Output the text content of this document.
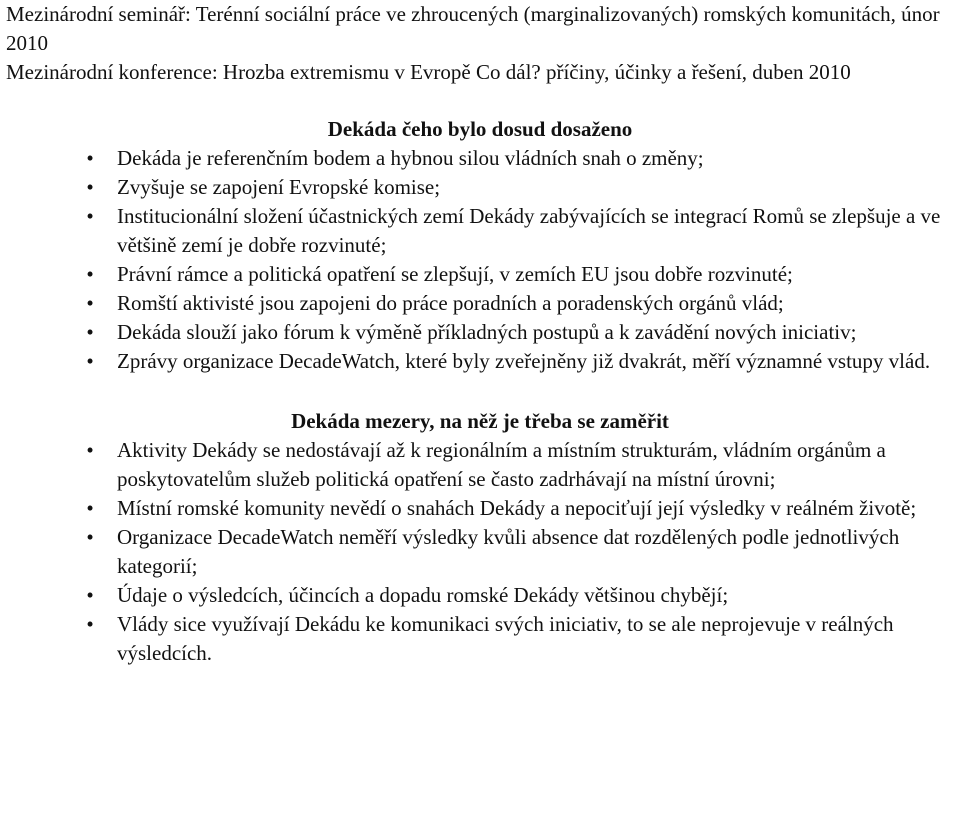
Mezinárodní seminář: Terénní sociální práce ve zhroucených (marginalizovaných) romských komunitách, únor 2010

Mezinárodní konference: Hrozba extremismu v Evropě Co dál? příčiny, účinky a řešení, duben 2010

Dekáda čeho bylo dosud dosaženo
•	Dekáda je referenčním bodem a hybnou silou vládních snah o změny;
•	Zvyšuje se zapojení Evropské komise;
•	Institucionální složení účastnických zemí Dekády zabývajících se integrací Romů se zlepšuje a ve většině zemí je dobře rozvinuté;
•	Právní rámce a politická opatření se zlepšují, v zemích EU jsou dobře rozvinuté;
•	Romští aktivisté jsou zapojeni do práce poradních a poradenských orgánů vlád;
•	Dekáda slouží jako fórum k výměně příkladných postupů a k zavádění nových iniciativ;
•	Zprávy organizace DecadeWatch, které byly zveřejněny již dvakrát, měří významné vstupy vlád.
Dekáda mezery, na něž je třeba se zaměřit
•	Aktivity Dekády se nedostávají až k regionálním a místním strukturám, vládním orgánům a poskytovatelům služeb politická opatření se často zadrhávají na místní úrovni;
•	Místní romské komunity nevědí o snahách Dekády a nepociťují její výsledky v reálném životě;
•	Organizace DecadeWatch neměří výsledky kvůli absence dat rozdělených podle jednotlivých kategorií;
•	Údaje o výsledcích, účincích a dopadu romské Dekády většinou chybějí;
•	Vlády sice využívají Dekádu ke komunikaci svých iniciativ, to se ale neprojevuje v reálných výsledcích.
